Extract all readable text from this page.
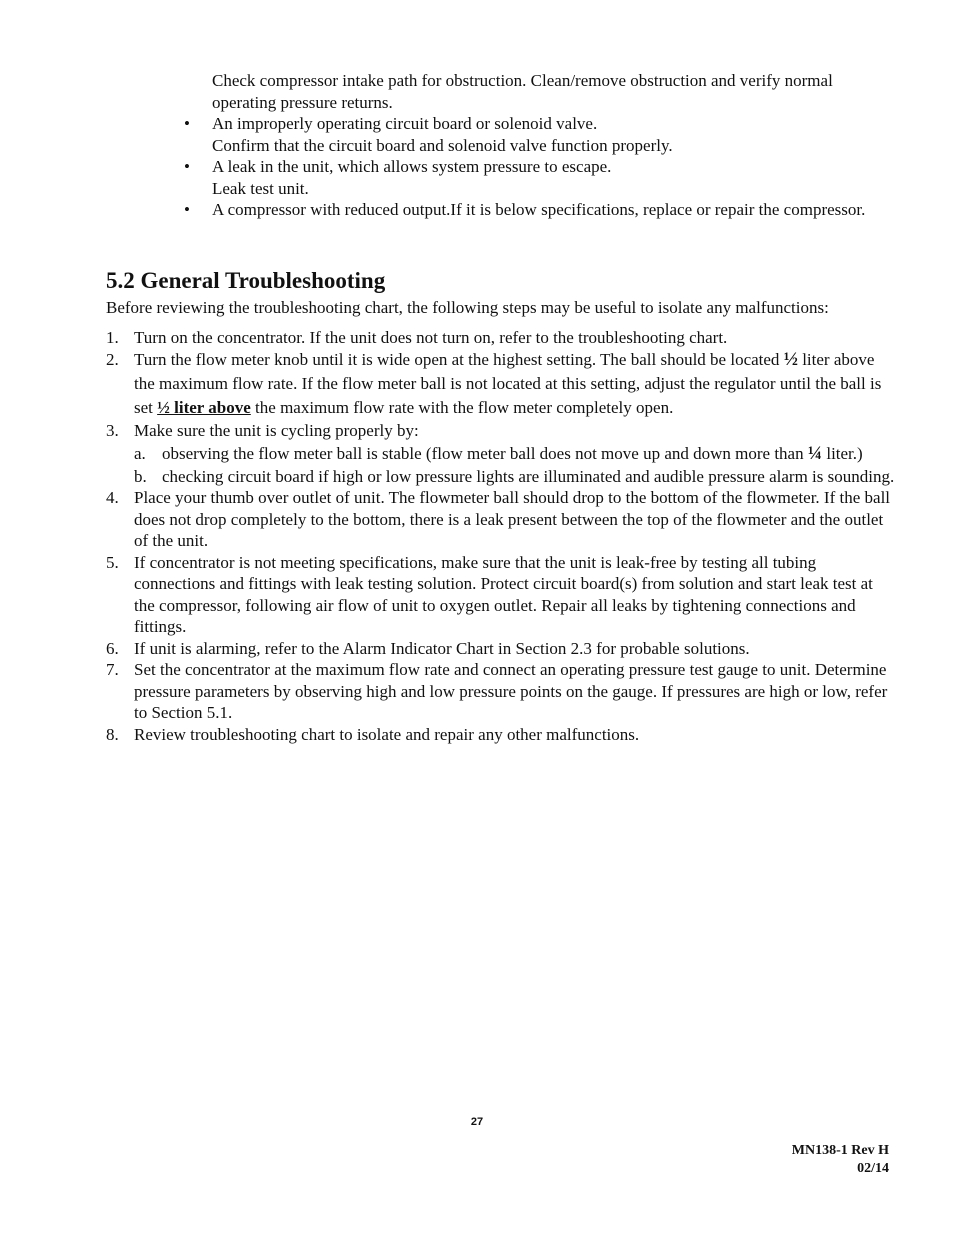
Check compressor intake path for obstruction. Clean/remove obstruction and verify normal operating pressure returns.

• An improperly operating circuit board or solenoid valve.
Confirm that the circuit board and solenoid valve function properly.
• A leak in the unit, which allows system pressure to escape.
Leak test unit.
• A compressor with reduced output.If it is below specifications, replace or repair the compressor.
5.2 General Troubleshooting

Before reviewing the troubleshooting chart, the following steps may be useful to isolate any malfunctions:

1. Turn on the concentrator. If the unit does not turn on, refer to the troubleshooting chart.
2. Turn the flow meter knob until it is wide open at the highest setting. The ball should be located ½ liter above the maximum flow rate. If the flow meter ball is not located at this setting, adjust the regulator until the ball is set ½ liter above the maximum flow rate with the flow meter completely open.
3. Make sure the unit is cycling properly by:
a. observing the flow meter ball is stable (flow meter ball does not move up and down more than ¼ liter.)
b. checking circuit board if high or low pressure lights are illuminated and audible pressure alarm is sounding.
4. Place your thumb over outlet of unit. The flowmeter ball should drop to the bottom of the flowmeter. If the ball does not drop completely to the bottom, there is a leak present between the top of the flowmeter and the outlet of the unit.
5. If concentrator is not meeting specifications, make sure that the unit is leak-free by testing all tubing connections and fittings with leak testing solution. Protect circuit board(s) from solution and start leak test at the compressor, following air flow of unit to oxygen outlet. Repair all leaks by tightening connections and fittings.
6. If unit is alarming, refer to the Alarm Indicator Chart in Section 2.3 for probable solutions.
7. Set the concentrator at the maximum flow rate and connect an operating pressure test gauge to unit. Determine pressure parameters by observing high and low pressure points on the gauge. If pressures are high or low, refer to Section 5.1.
8. Review troubleshooting chart to isolate and repair any other malfunctions.
27
MN138-1 Rev H
02/14
